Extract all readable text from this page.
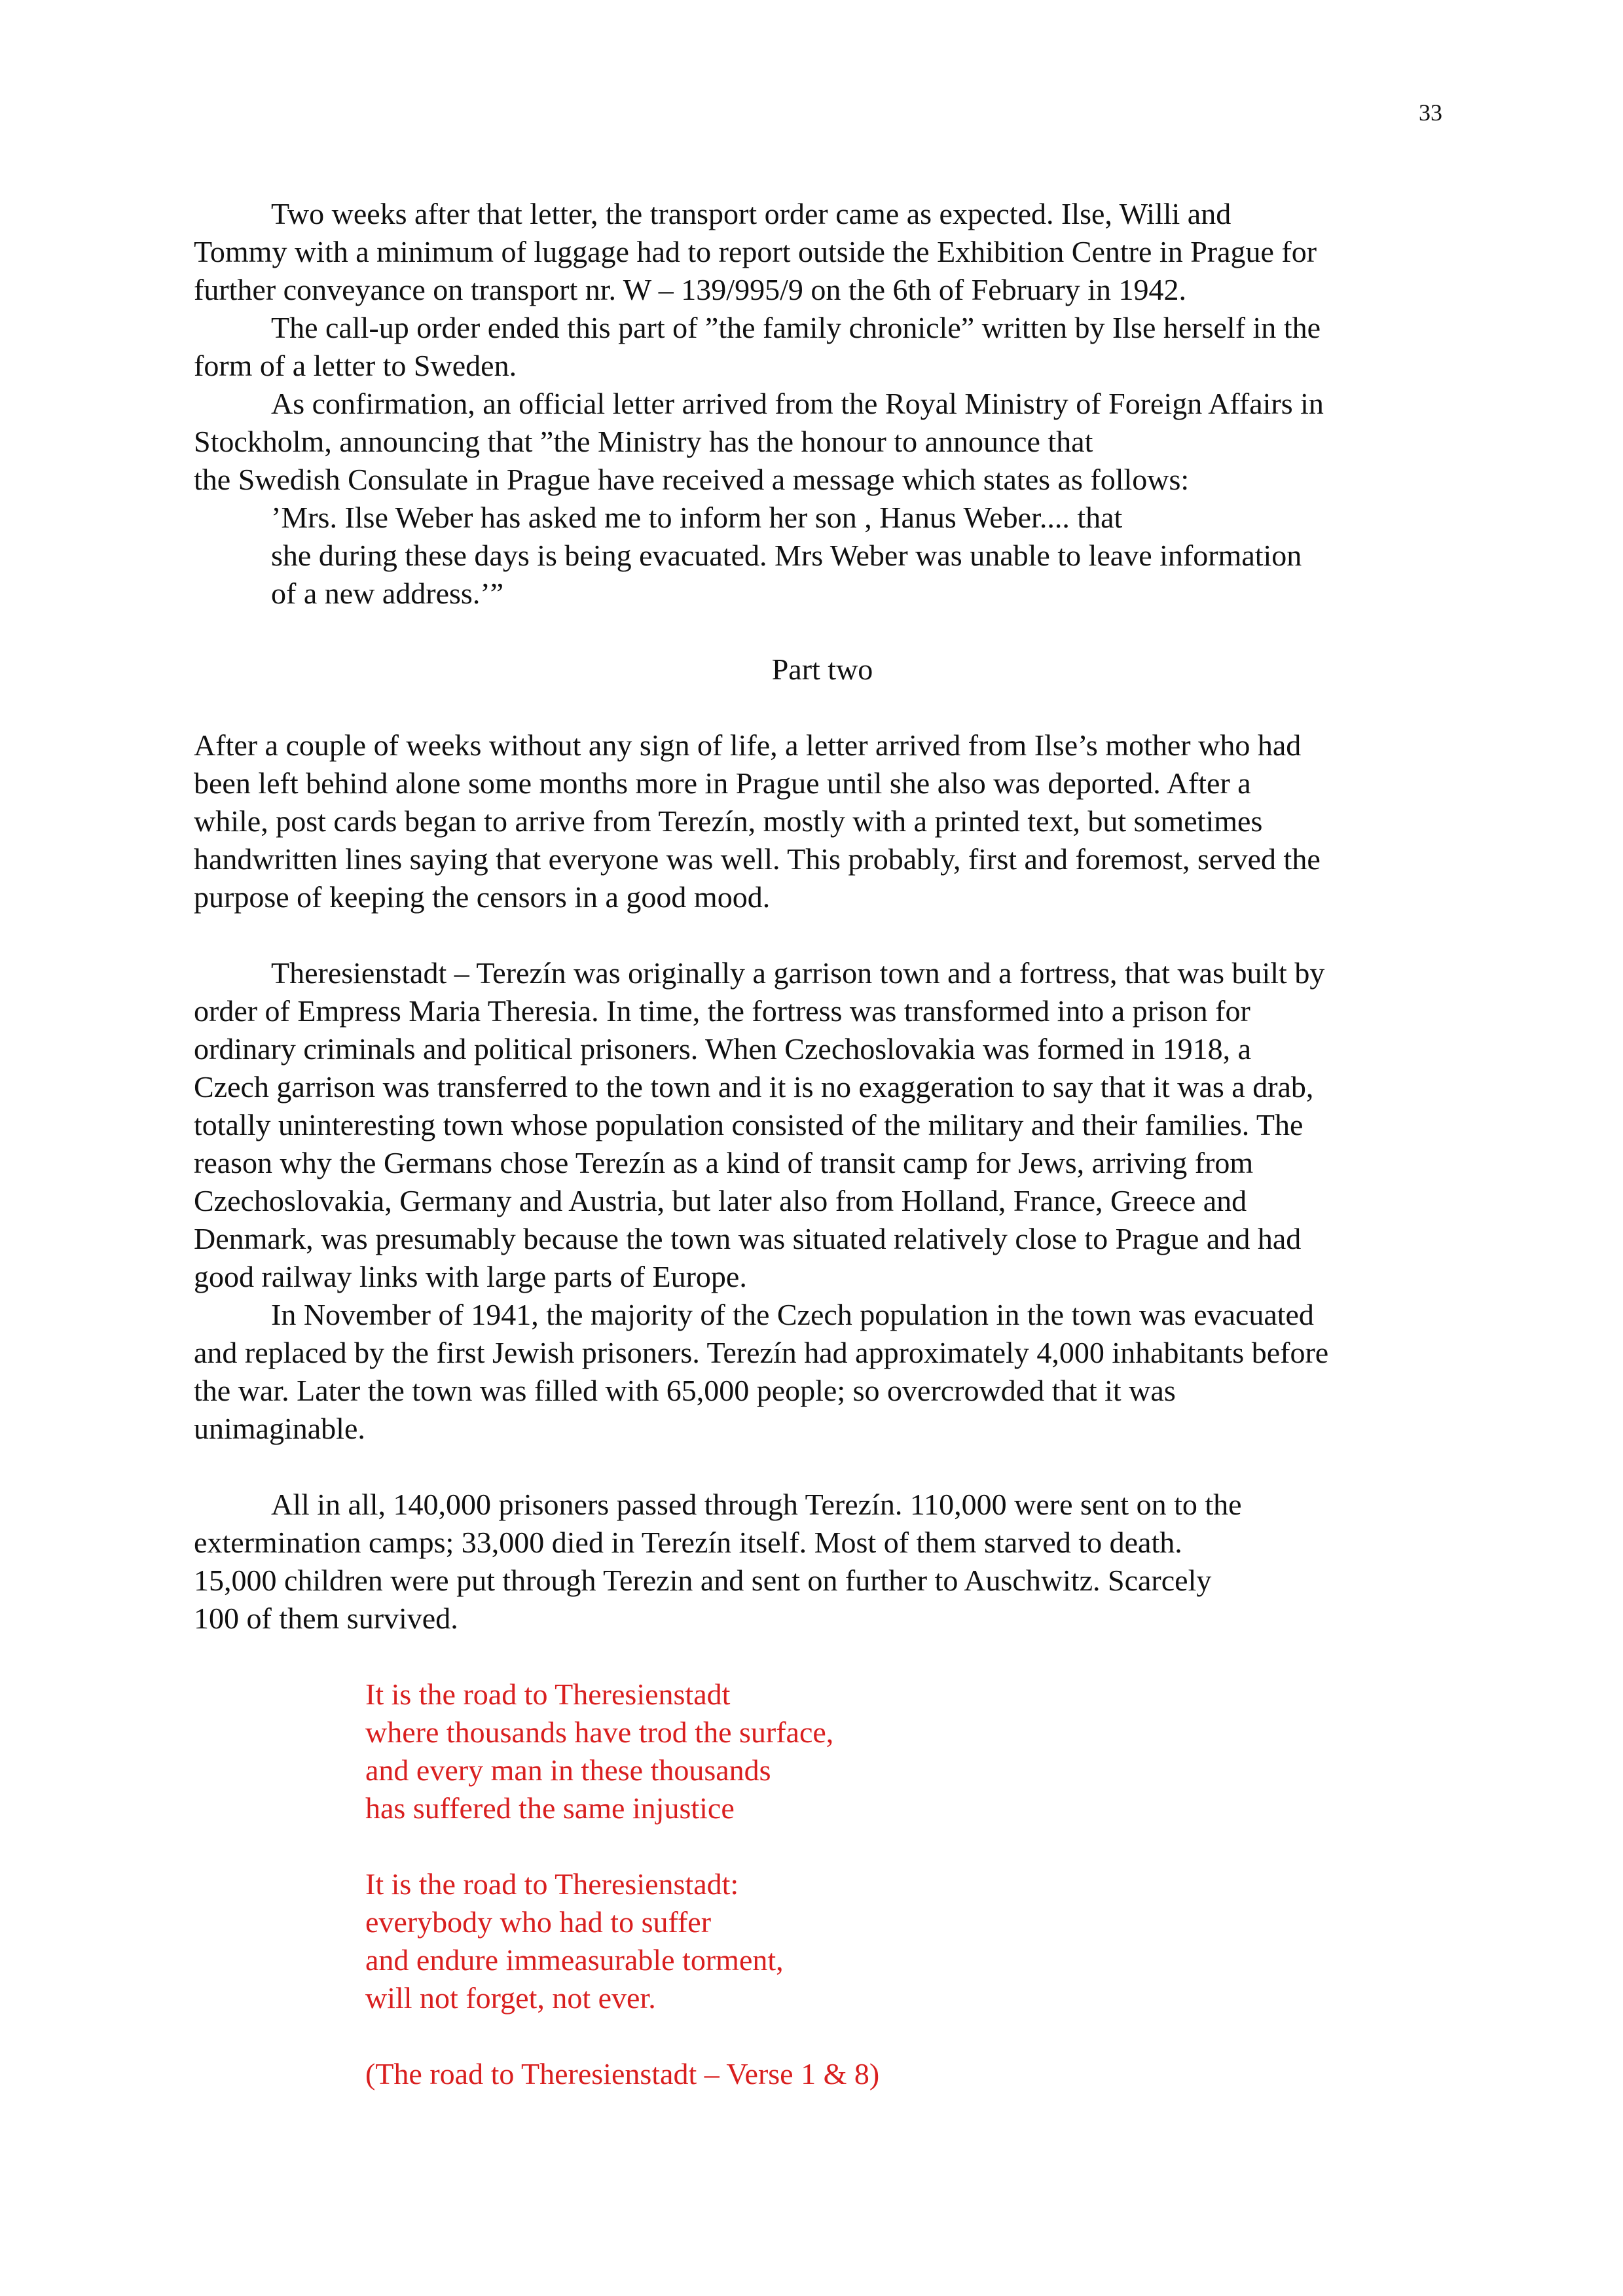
33

Two weeks after that letter, the transport order came as expected. Ilse, Willi and
Tommy with a minimum of luggage had to report outside the Exhibition Centre in Prague for
further conveyance on transport nr. W – 139/995/9 on the 6th of February in 1942.

The call-up order ended this part of ”the family chronicle” written by Ilse herself in the
form of a letter to Sweden.

As confirmation, an official letter arrived from the Royal Ministry of Foreign Affairs in
Stockholm, announcing that ”the Ministry has the honour to announce that
the Swedish Consulate in Prague have received a message which states as follows:

’Mrs. Ilse Weber has asked me to inform her son , Hanus Weber.... that
she during these days is being evacuated. Mrs Weber was unable to leave information
of a new address.’”

Part two

After a couple of weeks without any sign of life, a letter arrived from Ilse’s mother who had
been left behind alone some months more in Prague until she also was deported. After a
while, post cards began to arrive from Terezín, mostly with a printed text, but sometimes
handwritten lines saying that everyone was well. This probably, first and foremost, served the
purpose of keeping the censors in a good mood.

Theresienstadt – Terezín was originally a garrison town and a fortress, that was built by
order of Empress Maria Theresia. In time, the fortress was transformed into a prison for
ordinary criminals and political prisoners. When Czechoslovakia was formed in 1918, a
Czech garrison was transferred to the town and it is no exaggeration to say that it was a drab,
totally uninteresting town whose population consisted of the military and their families. The
reason why the Germans chose Terezín as a kind of transit camp for Jews, arriving from
Czechoslovakia, Germany and Austria, but later also from Holland, France, Greece and
Denmark, was presumably because the town was situated relatively close to Prague and had
good railway links with large parts of Europe.

In November of 1941, the majority of the Czech population in the town was evacuated
and replaced by the first Jewish prisoners. Terezín had approximately 4,000 inhabitants before
the war. Later the town was filled with 65,000 people; so overcrowded that it was
unimaginable.

All in all, 140,000 prisoners passed through Terezín. 110,000 were sent on to the
extermination camps; 33,000 died in Terezín itself. Most of them starved to death.
15,000 children were put through Terezin and sent on further to Auschwitz. Scarcely
100 of them survived.

It is the road to Theresienstadt
where thousands have trod the surface,
and every man in these thousands
has suffered the same injustice
It is the road to Theresienstadt:
everybody who had to suffer
and endure immeasurable torment,
will not forget, not ever.
(The road to Theresienstadt – Verse 1 & 8)
